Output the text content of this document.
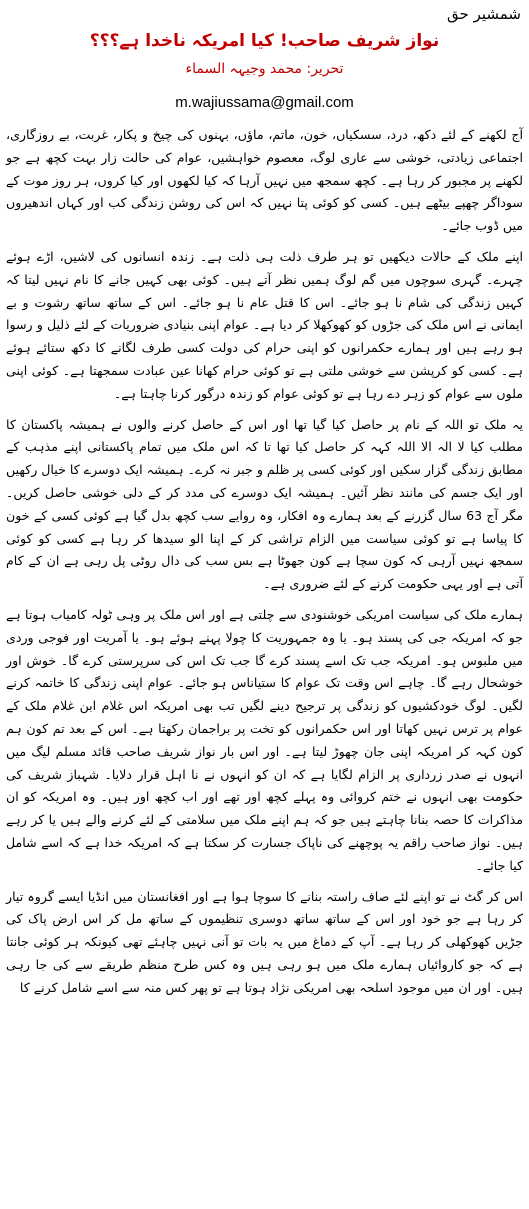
شمشیر حق
نواز شریف صاحب! کیا امریکہ ناخدا ہے؟؟؟
تحریر: محمد وجیہہ السماء
m.wajiussama@gmail.com

آج لکھنے کے لئے دکھ، درد، سسکیاں، خون، ماتم، ماؤں، بہنوں کی چیخ و پکار، غربت، بے روزگاری، اجتماعی زیادتی، خوشی سے عاری لوگ، معصوم خواہشیں، عوام کی حالت زار بہت کچھ ہے جو لکھنے پر مجبور کر رہا ہے۔ کچھ سمجھ میں نہیں آرہا کہ کیا لکھوں اور کیا کروں، ہر روز موت کے سوداگر چھپے بیٹھے ہیں۔ کسی کو کوئی پتا نہیں کہ اس کی روشن زندگی کب اور کہاں اندھیروں میں ڈوب جائے۔

اپنے ملک کے حالات دیکھیں تو ہر طرف ذلت ہی ذلت ہے۔ زندہ انسانوں کی لاشیں، اڑے ہوئے چہرے۔ گہری سوچوں میں گم لوگ ہمیں نظر آتے ہیں۔ کوئی بھی کہیں جانے کا نام نہیں لیتا کہ کہیں زندگی کی شام نا ہو جائے۔ اس کا قتل عام نا ہو جائے۔ اس کے ساتھ ساتھ رشوت و بے ایمانی نے اس ملک کی جڑوں کو کھوکھلا کر دیا ہے۔ عوام اپنی بنیادی ضروریات کے لئے ذلیل و رسوا ہو رہے ہیں اور ہمارے حکمرانوں کو اپنی حرام کی دولت کسی طرف لگانے کا دکھ ستائے ہوئے ہے۔ کسی کو کرپشن سے خوشی ملتی ہے تو کوئی حرام کھانا عین عبادت سمجھتا ہے۔ کوئی اپنی ملوں سے عوام کو زہر دے رہا ہے تو کوئی عوام کو زندہ درگور کرنا چاہتا ہے۔

یہ ملک تو اللہ کے نام پر حاصل کیا گیا تھا اور اس کے حاصل کرنے والوں نے ہمیشہ پاکستان کا مطلب کیا لا الہ الا اللہ کہہ کر حاصل کیا تھا تا کہ اس ملک میں تمام پاکستانی اپنے مذہب کے مطابق زندگی گزار سکیں اور کوئی کسی پر ظلم و جبر نہ کرے۔ ہمیشہ ایک دوسرے کا خیال رکھیں اور ایک جسم کی مانند نظر آئیں۔ ہمیشہ ایک دوسرے کی مدد کر کے دلی خوشی حاصل کریں۔ مگر آج 63 سال گزرنے کے بعد ہمارے وہ افکار، وہ روایے سب کچھ بدل گیا ہے کوئی کسی کے خون کا پیاسا ہے تو کوئی سیاست میں الزام تراشی کر کے اپنا الو سیدھا کر رہا ہے کسی کو کوئی سمجھ نہیں آرہی کہ کون سچا ہے کون جھوٹا ہے بس سب کی دال روٹی پل رہی ہے ان کے کام آتی ہے اور یہی حکومت کرنے کے لئے ضروری ہے۔

ہمارے ملک کی سیاست امریکی خوشنودی سے چلتی ہے اور اس ملک پر وہی ٹولہ کامیاب ہوتا ہے جو کہ امریکہ جی کی پسند ہو۔ یا وہ جمہوریت کا چولا پہنے ہوئے ہو۔ یا آمریت اور فوجی وردی میں ملبوس ہو۔ امریکہ جب تک اسے پسند کرے گا جب تک اس کی سرپرستی کرے گا۔ خوش اور خوشحال رہے گا۔ چاہے اس وقت تک عوام کا ستیاناس ہو جائے۔ عوام اپنی زندگی کا خاتمہ کرنے لگیں۔ لوگ خودکشیوں کو زندگی پر ترجیح دینے لگیں تب بھی امریکہ اس غلام ابن غلام ملک کے عوام پر ترس نہیں کھاتا اور اس حکمرانوں کو تخت پر براجمان رکھتا ہے۔ اس کے بعد تم کون ہم کون کہہ کر امریکہ اپنی جان چھوڑ لیتا ہے۔ اور اس بار نواز شریف صاحب قائد مسلم لیگ میں انہوں نے صدر زرداری پر الزام لگایا ہے کہ ان کو انہوں نے نا اہل قرار دلایا۔ شہباز شریف کی حکومت بھی انہوں نے ختم کروائی وہ پہلے کچھ اور تھے اور اب کچھ اور ہیں۔ وہ امریکہ کو ان مذاکرات کا حصہ بنانا چاہتے ہیں جو کہ ہم اپنے ملک میں سلامتی کے لئے کرنے والے ہیں یا کر رہے ہیں۔ نواز صاحب راقم یہ پوچھنے کی ناپاک جسارت کر سکتا ہے کہ امریکہ خدا ہے کہ اسے شامل کیا جائے۔

اس کر گٹ نے تو اپنے لئے صاف راستہ بنانے کا سوچا ہوا ہے اور افغانستان میں انڈیا ایسے گروہ تیار کر رہا ہے جو خود اور اس کے ساتھ ساتھ دوسری تنظیموں کے ساتھ مل کر اس ارض پاک کی جڑیں کھوکھلی کر رہا ہے۔ آپ کے دماغ میں یہ بات تو آنی نہیں چاہئے تھی کیونکہ ہر کوئی جانتا ہے کہ جو کاروائیاں ہمارے ملک میں ہو رہی ہیں وہ کس طرح منظم طریقے سے کی جا رہی ہیں۔ اور ان میں موجود اسلحہ بھی امریکی نژاد ہوتا ہے تو پھر کس منہ سے اسے شامل کرنے کا
